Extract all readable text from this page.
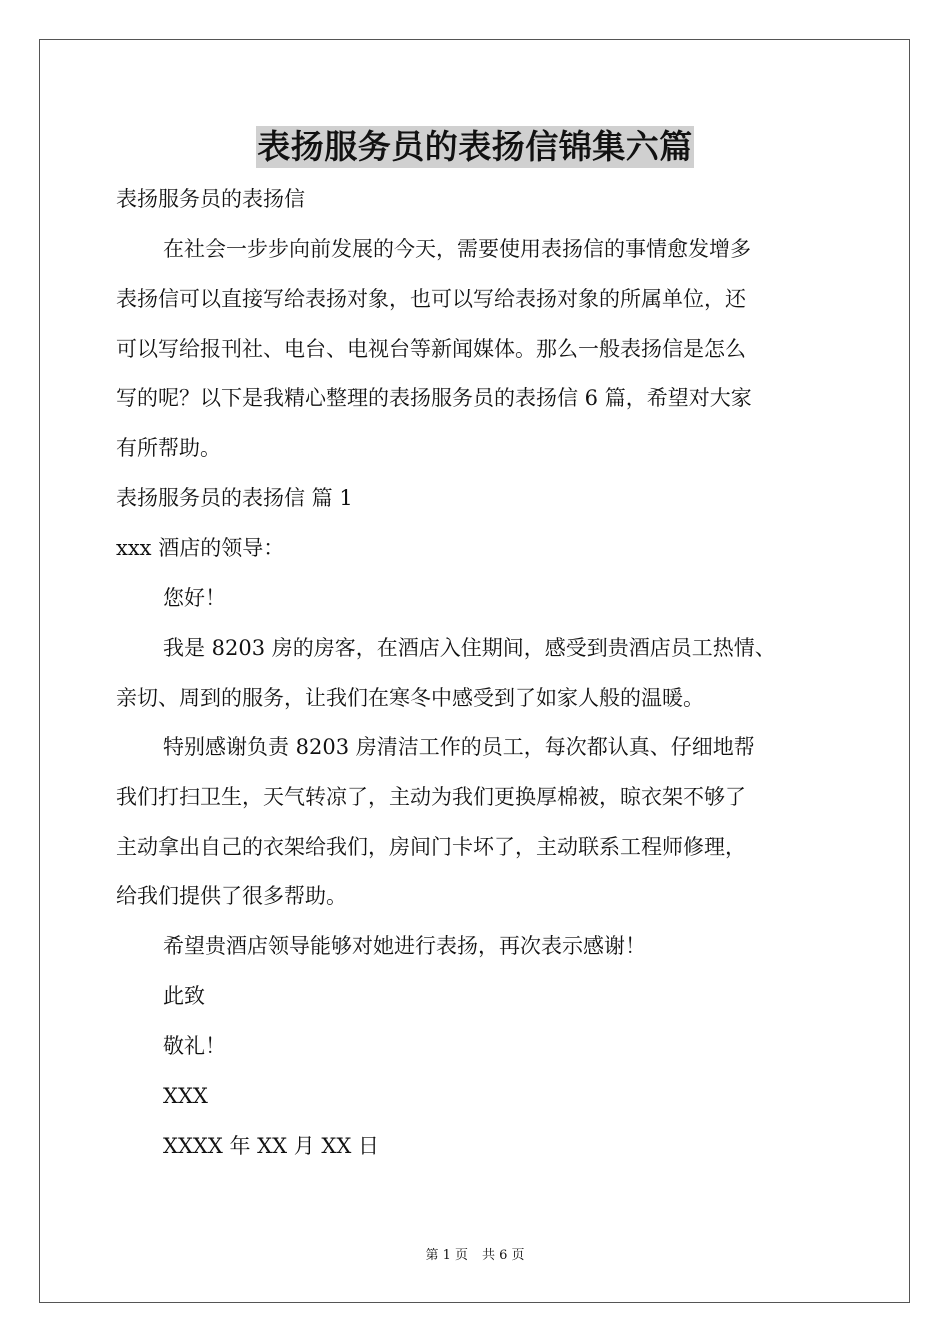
表扬服务员的表扬信锦集六篇
表扬服务员的表扬信
在社会一步步向前发展的今天，需要使用表扬信的事情愈发增多
表扬信可以直接写给表扬对象，也可以写给表扬对象的所属单位，还
可以写给报刊社、电台、电视台等新闻媒体。那么一般表扬信是怎么
写的呢？以下是我精心整理的表扬服务员的表扬信 6 篇，希望对大家
有所帮助。
表扬服务员的表扬信 篇 1
xxx 酒店的领导：
您好！
我是 8203 房的房客，在酒店入住期间，感受到贵酒店员工热情、
亲切、周到的服务，让我们在寒冬中感受到了如家人般的温暖。
特别感谢负责 8203 房清洁工作的员工，每次都认真、仔细地帮
我们打扫卫生，天气转凉了，主动为我们更换厚棉被，晾衣架不够了
主动拿出自己的衣架给我们，房间门卡坏了，主动联系工程师修理，
给我们提供了很多帮助。
希望贵酒店领导能够对她进行表扬，再次表示感谢！
此致
敬礼！
XXX
XXXX 年 XX 月 XX 日
第 1 页 共 6 页
